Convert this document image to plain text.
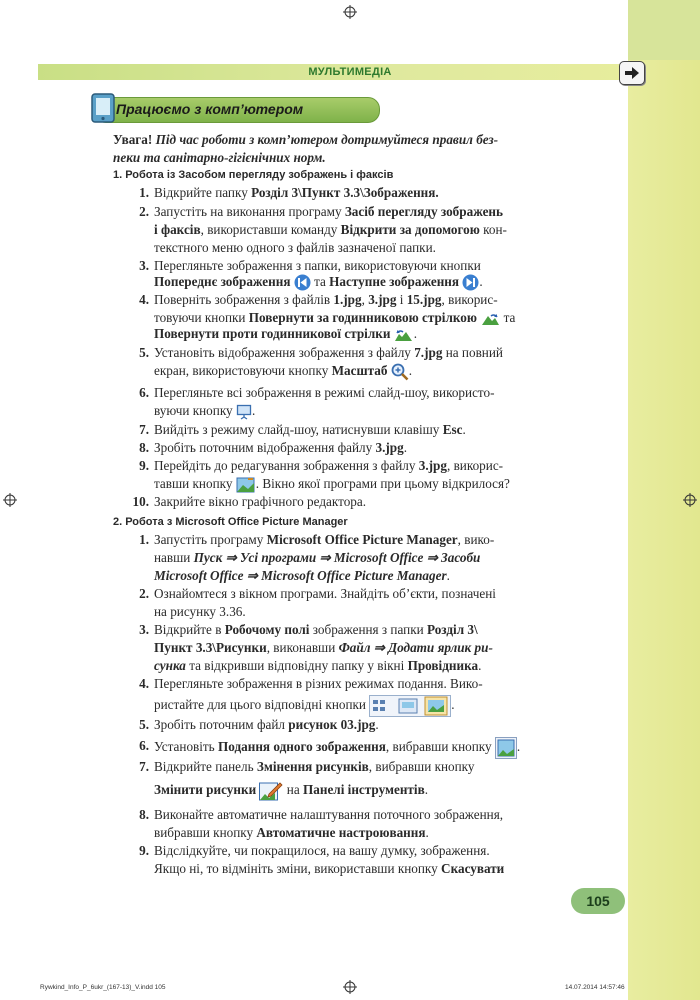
МУЛЬТИМЕДІА
Працюємо з комп’ютером
Увага! Під час роботи з комп’ютером дотримуйтеся правил без-
пеки та санітарно-гігієнічних норм.
1. Робота із Засобом перегляду зображень і факсів
1. Відкрийте папку Розділ 3\Пункт 3.3\Зображення.
2. Запустіть на виконання програму Засіб перегляду зображень
і факсів, використавши команду Відкрити за допомогою кон-
текстного меню одного з файлів зазначеної папки.
3. Перегляньте зображення з папки, використовуючи кнопки
Попереднє зображення  та Наступне зображення .
4. Поверніть зображення з файлів 1.jpg, 3.jpg і 15.jpg, викорис-
товуючи кнопки Повернути за годинниковою стрілкою  та
Повернути проти годинникової стрілки .
5. Установіть відображення зображення з файлу 7.jpg на повний
екран, використовуючи кнопку Масштаб .
6. Перегляньте всі зображення в режимі слайд-шоу, використо-
вуючи кнопку .
7. Вийдіть з режиму слайд-шоу, натиснувши клавішу Esc.
8. Зробіть поточним відображення файлу 3.jpg.
9. Перейдіть до редагування зображення з файлу 3.jpg, викорис-
тавши кнопку . Вікно якої програми при цьому відкрилося?
10. Закрийте вікно графічного редактора.
2. Робота з Microsoft Office Picture Manager
1. Запустіть програму Microsoft Office Picture Manager, вико-
навши Пуск ⇒ Усі програми ⇒ Microsoft Office ⇒ Засоби
Microsoft Office ⇒ Microsoft Office Picture Manager.
2. Ознайомтеся з вікном програми. Знайдіть об’єкти, позначені
на рисунку 3.36.
3. Відкрийте в Робочому полі зображення з папки Розділ 3\
Пункт 3.3\Рисунки, виконавши Файл ⇒ Додати ярлик ри-
сунка та відкривши відповідну папку у вікні Провідника.
4. Перегляньте зображення в різних режимах подання. Вико-
ристайте для цього відповідні кнопки	.
5. Зробіть поточним файл рисунок 03.jpg.
6. Установіть Подання одного зображення, вибравши кнопку .
7. Відкрийте панель Змінення рисунків, вибравши кнопку
Змінити рисунки  на Панелі інструментів.
8. Виконайте автоматичне налаштування поточного зображення,
вибравши кнопку Автоматичне настроювання.
9. Відслідкуйте, чи покращилося, на вашу думку, зображення.
Якщо ні, то відмініть зміни, використавши кнопку Скасувати
105
Rywkind_Info_P_6ukr_(167-13)_V.indd 105	14.07.2014 14:57:46
